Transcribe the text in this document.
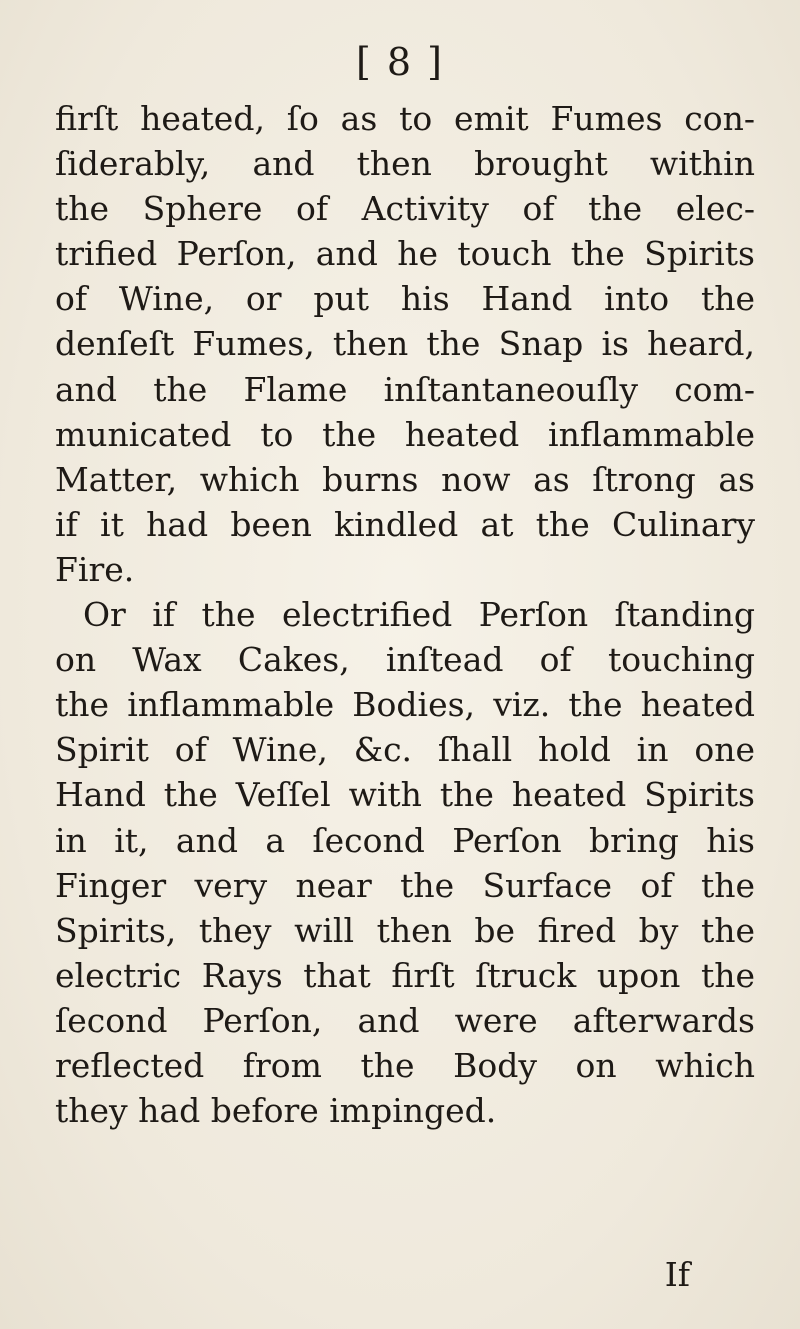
[ 8 ]
firſt heated, ſo as to emit Fumes con-
ſiderably, and then brought within
the Sphere of Activity of the elec-
trified Perſon, and he touch the Spirits
of Wine, or put his Hand into the
denſeſt Fumes, then the Snap is heard,
and the Flame inſtantaneouſly com-
municated to the heated inflammable
Matter, which burns now as ſtrong as
if it had been kindled at the Culinary
Fire.
Or if the electrified Perſon ſtanding
on Wax Cakes, inſtead of touching
the inflammable Bodies, viz. the heated
Spirit of Wine, &c. ſhall hold in one
Hand the Veſſel with the heated Spirits
in it, and a ſecond Perſon bring his
Finger very near the Surface of the
Spirits, they will then be fired by the
electric Rays that firſt ſtruck upon the
ſecond Perſon, and were afterwards
reflected from the Body on which
they had before impinged.
If
